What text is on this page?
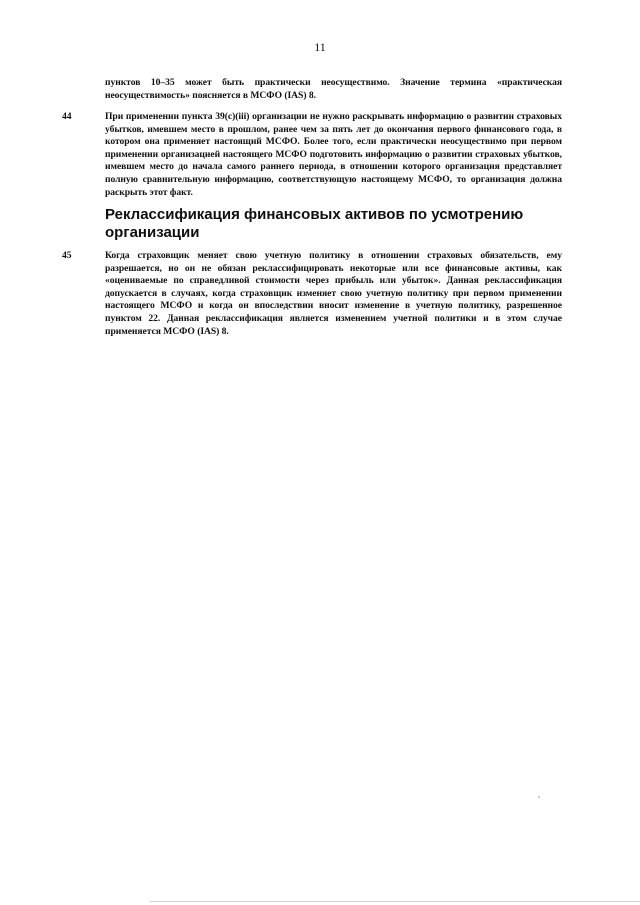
11
пунктов 10–35 может быть практически неосуществимо. Значение термина «практическая неосуществимость» поясняется в МСФО (IAS) 8.
44	При применении пункта 39(c)(iii) организации не нужно раскрывать информацию о развитии страховых убытков, имевшем место в прошлом, ранее чем за пять лет до окончания первого финансового года, в котором она применяет настоящий МСФО. Более того, если практически неосуществимо при первом применении организацией настоящего МСФО подготовить информацию о развитии страховых убытков, имевшем место до начала самого раннего периода, в отношении которого организация представляет полную сравнительную информацию, соответствующую настоящему МСФО, то организация должна раскрыть этот факт.
Реклассификация финансовых активов по усмотрению организации
45	Когда страховщик меняет свою учетную политику в отношении страховых обязательств, ему разрешается, но он не обязан реклассифицировать некоторые или все финансовые активы, как «оцениваемые по справедливой стоимости через прибыль или убыток». Данная реклассификация допускается в случаях, когда страховщик изменяет свою учетную политику при первом применении настоящего МСФО и когда он впоследствии вносит изменение в учетную политику, разрешенное пунктом 22. Данная реклассификация является изменением учетной политики и в этом случае применяется МСФО (IAS) 8.
